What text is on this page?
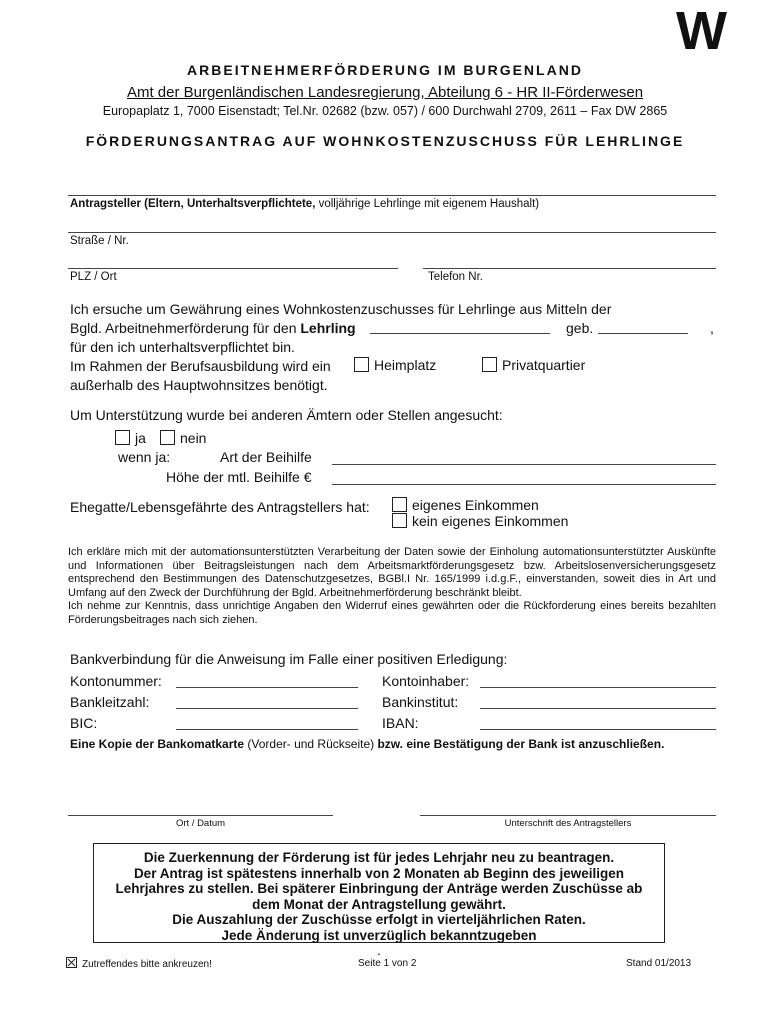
W
ARBEITNEHMERFÖRDERUNG IM BURGENLAND
Amt der Burgenländischen Landesregierung, Abteilung 6 - HR II-Förderwesen
Europaplatz 1, 7000 Eisenstadt; Tel.Nr. 02682 (bzw. 057) / 600 Durchwahl 2709, 2611 – Fax DW 2865
FÖRDERUNGSANTRAG AUF WOHNKOSTENZUSCHUSS FÜR LEHRLINGE
Antragsteller (Eltern, Unterhaltsverpflichtete, volljährige Lehrlinge mit eigenem Haushalt)
Straße / Nr.
PLZ / Ort	Telefon Nr.
Ich ersuche um Gewährung eines Wohnkostenzuschusses für Lehrlinge aus Mitteln der
Bgld. Arbeitnehmerförderung für den Lehrling	geb.	,
für den ich unterhaltsverpflichtet bin.
Im Rahmen der Berufsausbildung wird ein
außerhalb des Hauptwohnsitzes benötigt.
Heimplatz	Privatquartier
Um Unterstützung wurde bei anderen Ämtern oder Stellen angesucht:
ja	nein
wenn ja:	Art der Beihilfe
Höhe der mtl. Beihilfe €
Ehegatte/Lebensgefährte des Antragstellers hat:	eigenes Einkommen
kein eigenes Einkommen

Ich erkläre mich mit der automationsunterstützten Verarbeitung der Daten sowie der Einholung automationsunterstützter Auskünfte und Informationen über Beitragsleistungen nach dem Arbeitsmarktförderungsgesetz bzw. Arbeitslosenversicherungsgesetz entsprechend den Bestimmungen des Datenschutzgesetzes, BGBl.I Nr. 165/1999 i.d.g.F., einverstanden, soweit dies in Art und Umfang auf den Zweck der Durchführung der Bgld. Arbeitnehmerförderung beschränkt bleibt.

Ich nehme zur Kenntnis, dass unrichtige Angaben den Widerruf eines gewährten oder die Rückforderung eines bereits bezahlten Förderungsbeitrages nach sich ziehen.

Bankverbindung für die Anweisung im Falle einer positiven Erledigung:
Kontonummer:	Kontoinhaber:
Bankleitzahl:	Bankinstitut:
BIC:	IBAN:
Eine Kopie der Bankomatkarte (Vorder- und Rückseite) bzw. eine Bestätigung der Bank ist anzuschließen.
Ort / Datum	Unterschrift des Antragstellers
Die Zuerkennung der Förderung ist für jedes Lehrjahr neu zu beantragen.
Der Antrag ist spätestens innerhalb von 2 Monaten ab Beginn des jeweiligen
Lehrjahres zu stellen. Bei späterer Einbringung der Anträge werden Zuschüsse ab
dem Monat der Antragstellung gewährt.
Die Auszahlung der Zuschüsse erfolgt in vierteljährlichen Raten.
Jede Änderung ist unverzüglich bekanntzugeben
.
Zutreffendes bitte ankreuzen!	Seite 1 von 2	Stand 01/2013
